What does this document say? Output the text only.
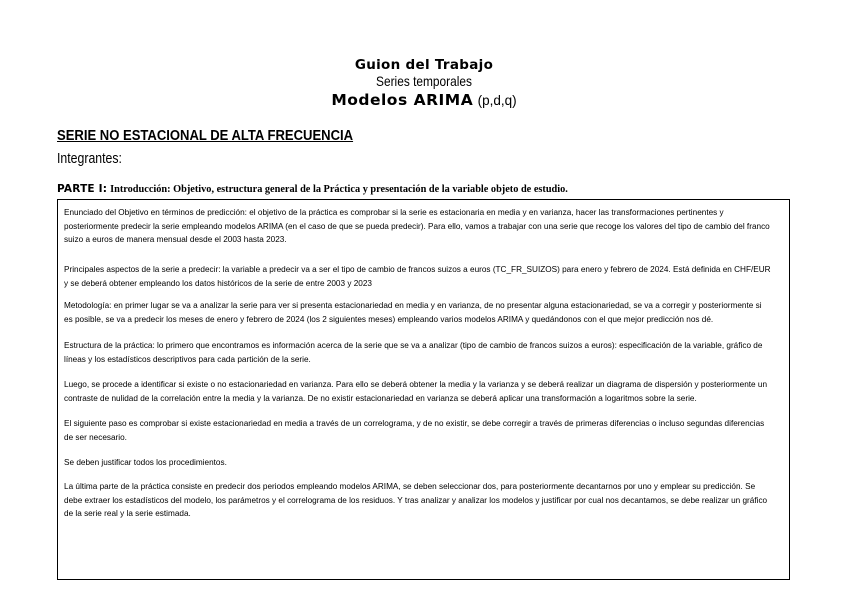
Guion del Trabajo
Series temporales
Modelos ARIMA (p,d,q)
SERIE NO ESTACIONAL DE ALTA FRECUENCIA
Integrantes:
PARTE I: Introducción: Objetivo, estructura general de la Práctica y presentación de la variable objeto de estudio.

Enunciado del Objetivo en términos de predicción: el objetivo de la práctica es comprobar si la serie es estacionaria en media y en varianza, hacer las transformaciones pertinentes y posteriormente predecir la serie empleando modelos ARIMA (en el caso de que se pueda predecir). Para ello, vamos a trabajar con una serie que recoge los valores del tipo de cambio del franco suizo a euros de manera mensual desde el 2003 hasta 2023.

Principales aspectos de la serie a predecir: la variable a predecir va a ser el tipo de cambio de francos suizos a euros (TC_FR_SUIZOS) para enero y febrero de 2024. Está definida en CHF/EUR y se deberá obtener empleando los datos históricos de la serie de entre 2003 y 2023

Metodología: en primer lugar se va a analizar la serie para ver si presenta estacionariedad en media y en varianza, de no presentar alguna estacionariedad, se va a corregir y posteriormente si es posible, se va a predecir los meses de enero y febrero de 2024 (los 2 siguientes meses) empleando varios modelos ARIMA y quedándonos con el que mejor predicción nos dé.

Estructura de la práctica: lo primero que encontramos es información acerca de la serie que se va a analizar (tipo de cambio de francos suizos a euros): especificación de la variable, gráfico de líneas y los estadísticos descriptivos para cada partición de la serie.

Luego, se procede a identificar si existe o no estacionariedad en varianza. Para ello se deberá obtener la media y la varianza y se deberá realizar un diagrama de dispersión y posteriormente un contraste de nulidad de la correlación entre la media y la varianza. De no existir estacionariedad en varianza se deberá aplicar una transformación a logaritmos sobre la serie.

El siguiente paso es comprobar si existe estacionariedad en media a través de un correlograma, y de no existir, se debe corregir a través de primeras diferencias o incluso segundas diferencias de ser necesario.

Se deben justificar todos los procedimientos.

La última parte de la práctica consiste en predecir dos periodos empleando modelos ARIMA, se deben seleccionar dos, para posteriormente decantarnos por uno y emplear su predicción. Se debe extraer los estadísticos del modelo, los parámetros y el correlograma de los residuos. Y tras analizar y analizar los modelos y justificar por cual nos decantamos, se debe realizar un gráfico de la serie real y la serie estimada.
